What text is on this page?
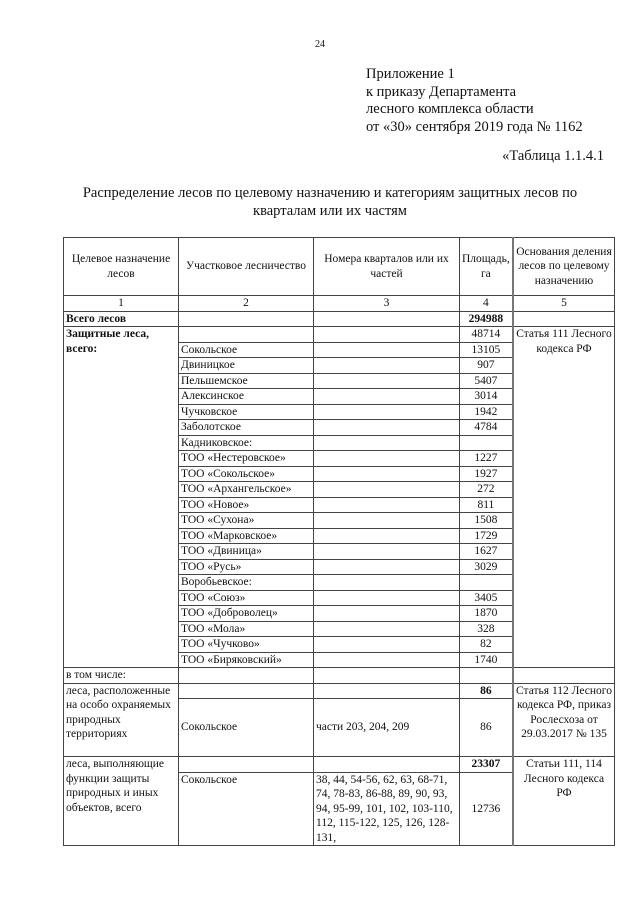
24
Приложение 1
к приказу Департамента
лесного комплекса области
от «30» сентября 2019 года № 1162
«Таблица 1.1.4.1
Распределение лесов по целевому назначению и категориям защитных лесов по
кварталам или их частям
Целевое назначение лесов	Участковое лесничество	Номера кварталов или их частей	Площадь, га	Основания деления лесов по целевому назначению
1	2	3	4	5
Всего лесов			294988	
Защитные леса, всего:			48714	Статья 111 Лесного кодекса РФ
	Сокольское		13105	
	Двиницкое		907	
	Пельшемское		5407	
	Алексинское		3014	
	Чучковское		1942	
	Заболотское		4784	
	Кадниковское:			
	ТОО «Нестеровское»		1227	
	ТОО «Сокольское»		1927	
	ТОО «Архангельское»		272	
	ТОО «Новое»		811	
	ТОО «Сухона»		1508	
	ТОО «Марковское»		1729	
	ТОО «Двиница»		1627	
	ТОО «Русь»		3029	
	Воробьевское:			
	ТОО «Союз»		3405	
	ТОО «Доброволец»		1870	
	ТОО «Мола»		328	
	ТОО «Чучково»		82	
	ТОО «Биряковский»		1740	
в том числе:				
леса, расположенные на особо охраняемых природных территориях			86	Статья 112 Лесного кодекса РФ, приказ Рослесхоза от 29.03.2017 № 135
	Сокольское	части 203, 204, 209	86	
леса, выполняющие функции защиты природных и иных объектов, всего			23307	Статьи 111, 114 Лесного кодекса РФ
	Сокольское	38, 44, 54-56, 62, 63, 68-71, 74, 78-83, 86-88, 89, 90, 93, 94, 95-99, 101, 102, 103-110, 112, 115-122, 125, 126, 128-131,	12736	
